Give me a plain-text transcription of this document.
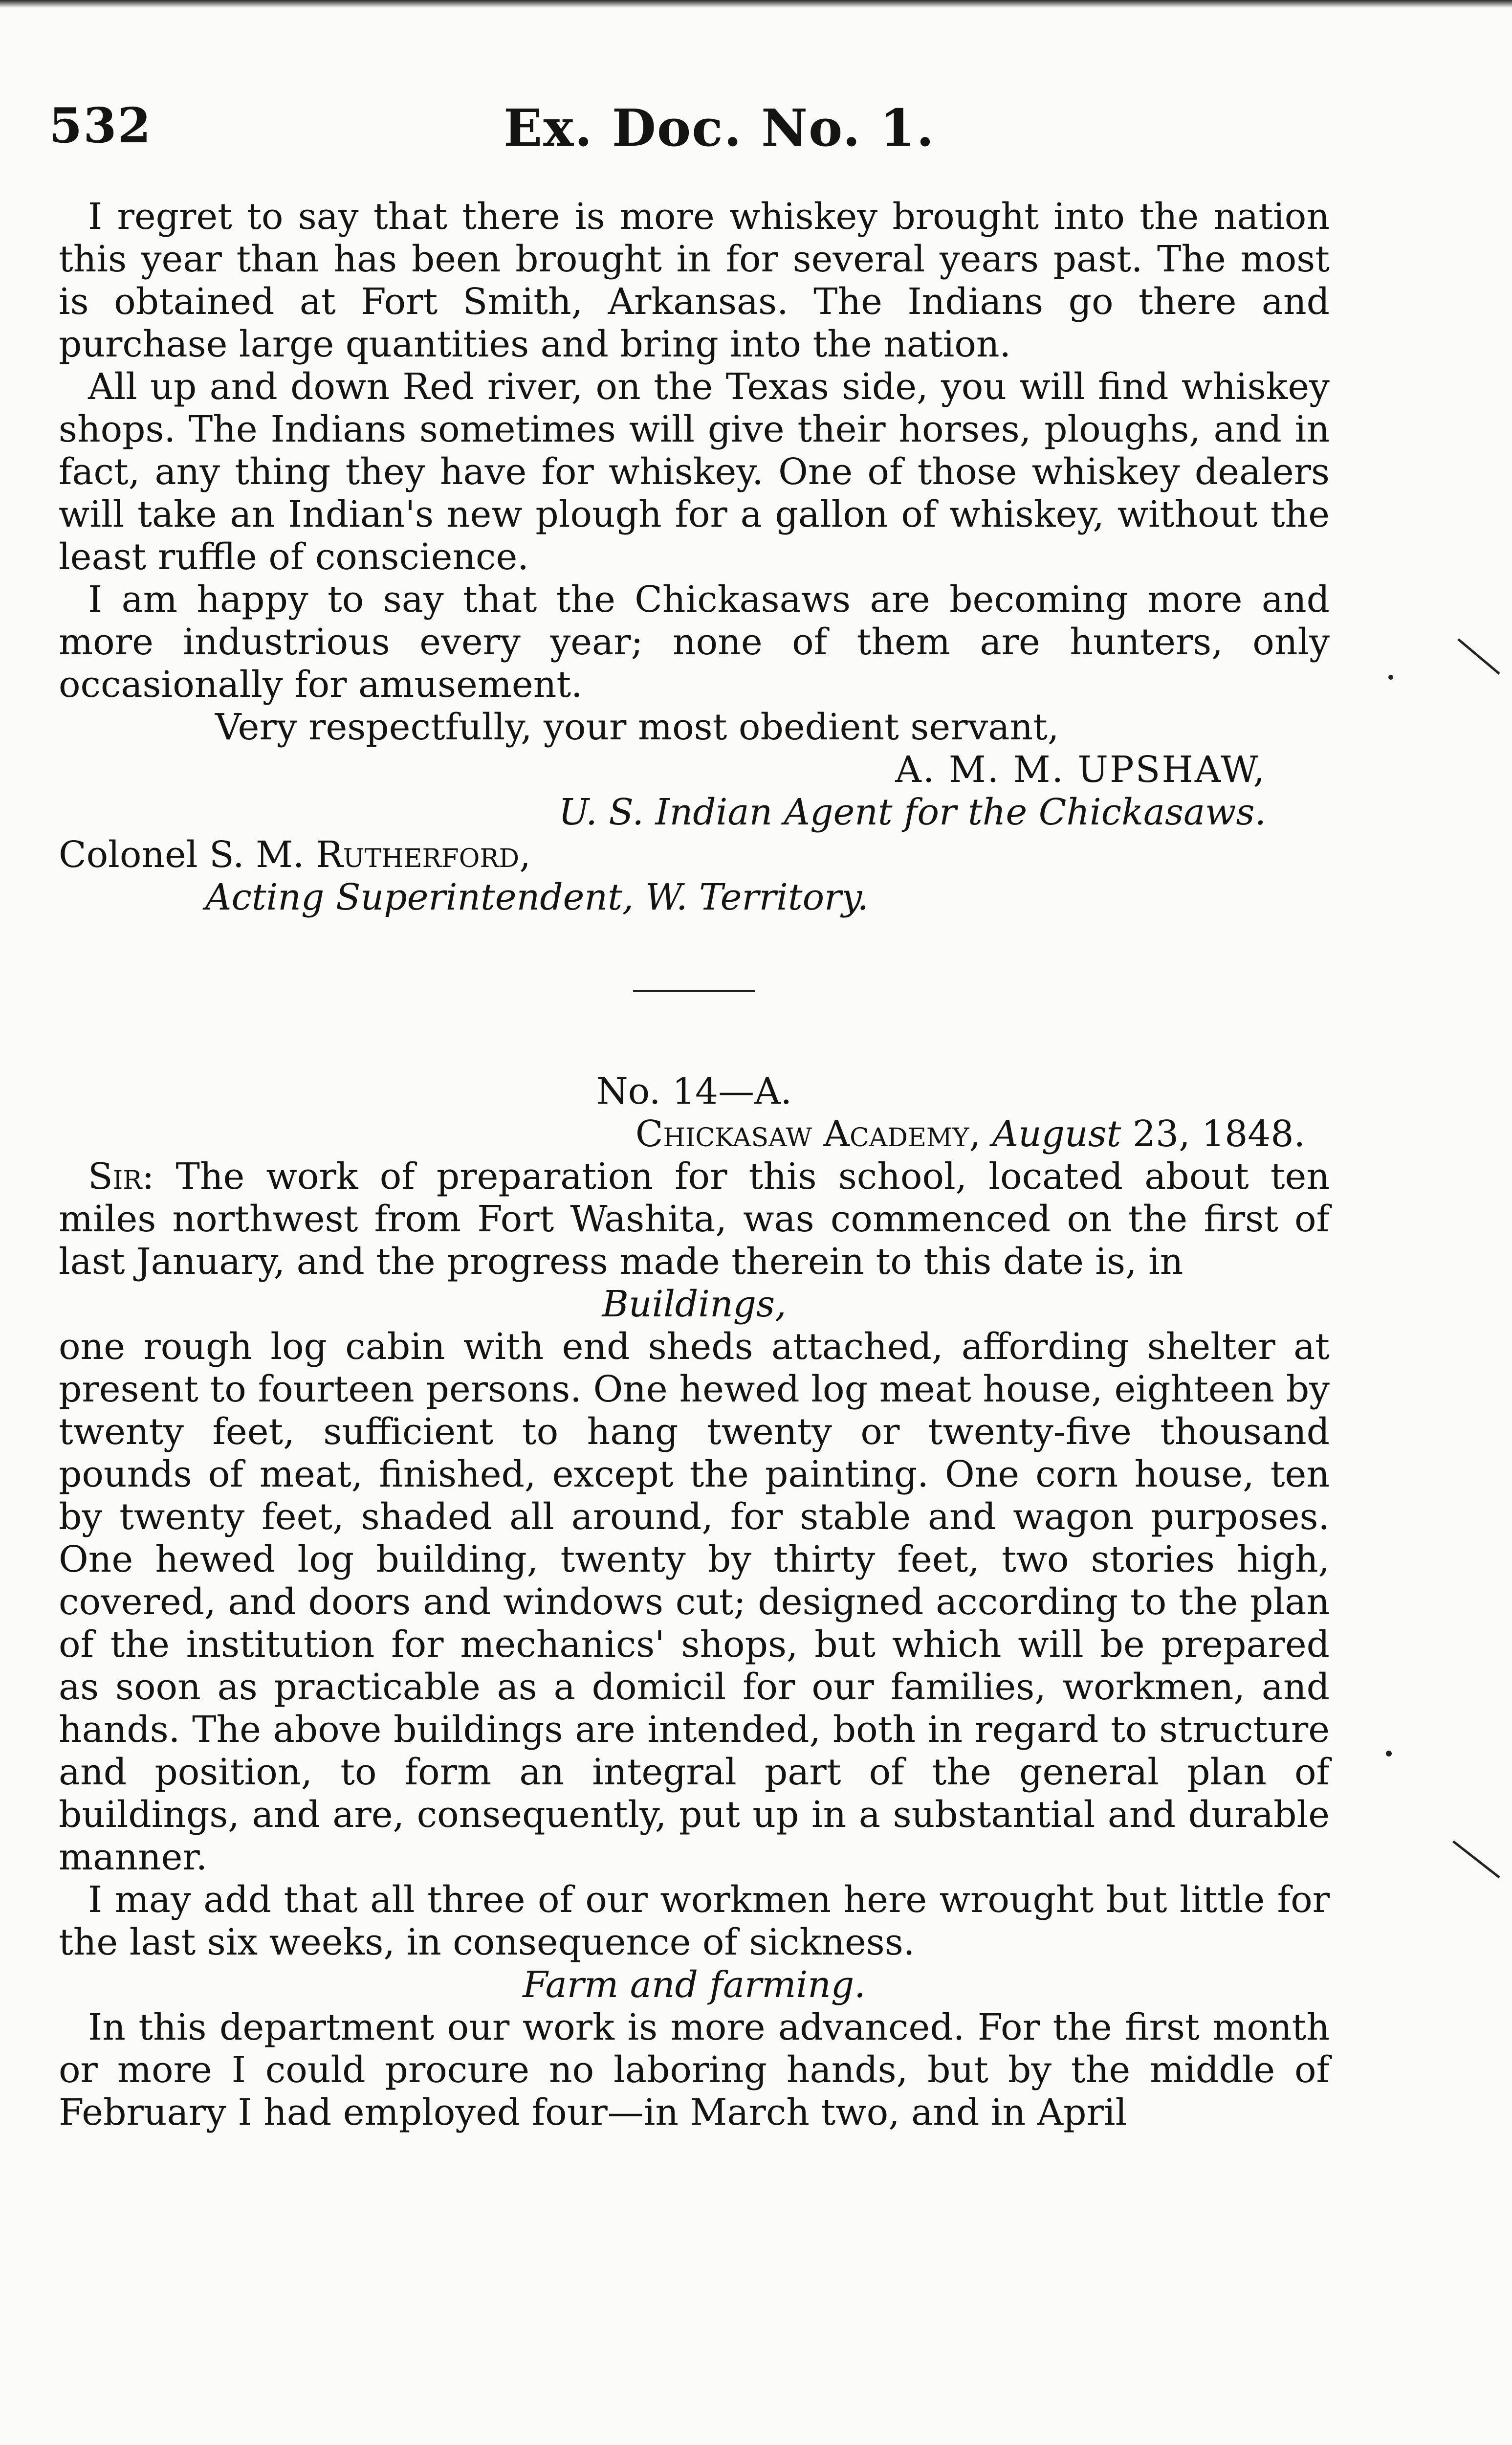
532	Ex. Doc. No. 1.

I regret to say that there is more whiskey brought into the nation this year than has been brought in for several years past. The most is obtained at Fort Smith, Arkansas. The Indians go there and purchase large quantities and bring into the nation.

All up and down Red river, on the Texas side, you will find whiskey shops. The Indians sometimes will give their horses, ploughs, and in fact, any thing they have for whiskey. One of those whiskey dealers will take an Indian's new plough for a gallon of whiskey, without the least ruffle of conscience.

I am happy to say that the Chickasaws are becoming more and more industrious every year; none of them are hunters, only occasionally for amusement.

Very respectfully, your most obedient servant,

A. M. M. UPSHAW,

U. S. Indian Agent for the Chickasaws.

Colonel S. M. Rutherford,

Acting Superintendent, W. Territory.

No. 14—A.

Chickasaw Academy, August 23, 1848.

Sir: The work of preparation for this school, located about ten miles northwest from Fort Washita, was commenced on the first of last January, and the progress made therein to this date is, in

Buildings,

one rough log cabin with end sheds attached, affording shelter at present to fourteen persons. One hewed log meat house, eighteen by twenty feet, sufficient to hang twenty or twenty-five thousand pounds of meat, finished, except the painting. One corn house, ten by twenty feet, shaded all around, for stable and wagon purposes. One hewed log building, twenty by thirty feet, two stories high, covered, and doors and windows cut; designed according to the plan of the institution for mechanics' shops, but which will be prepared as soon as practicable as a domicil for our families, workmen, and hands. The above buildings are intended, both in regard to structure and position, to form an integral part of the general plan of buildings, and are, consequently, put up in a substantial and durable manner.

I may add that all three of our workmen here wrought but little for the last six weeks, in consequence of sickness.

Farm and farming.

In this department our work is more advanced. For the first month or more I could procure no laboring hands, but by the middle of February I had employed four—in March two, and in April
